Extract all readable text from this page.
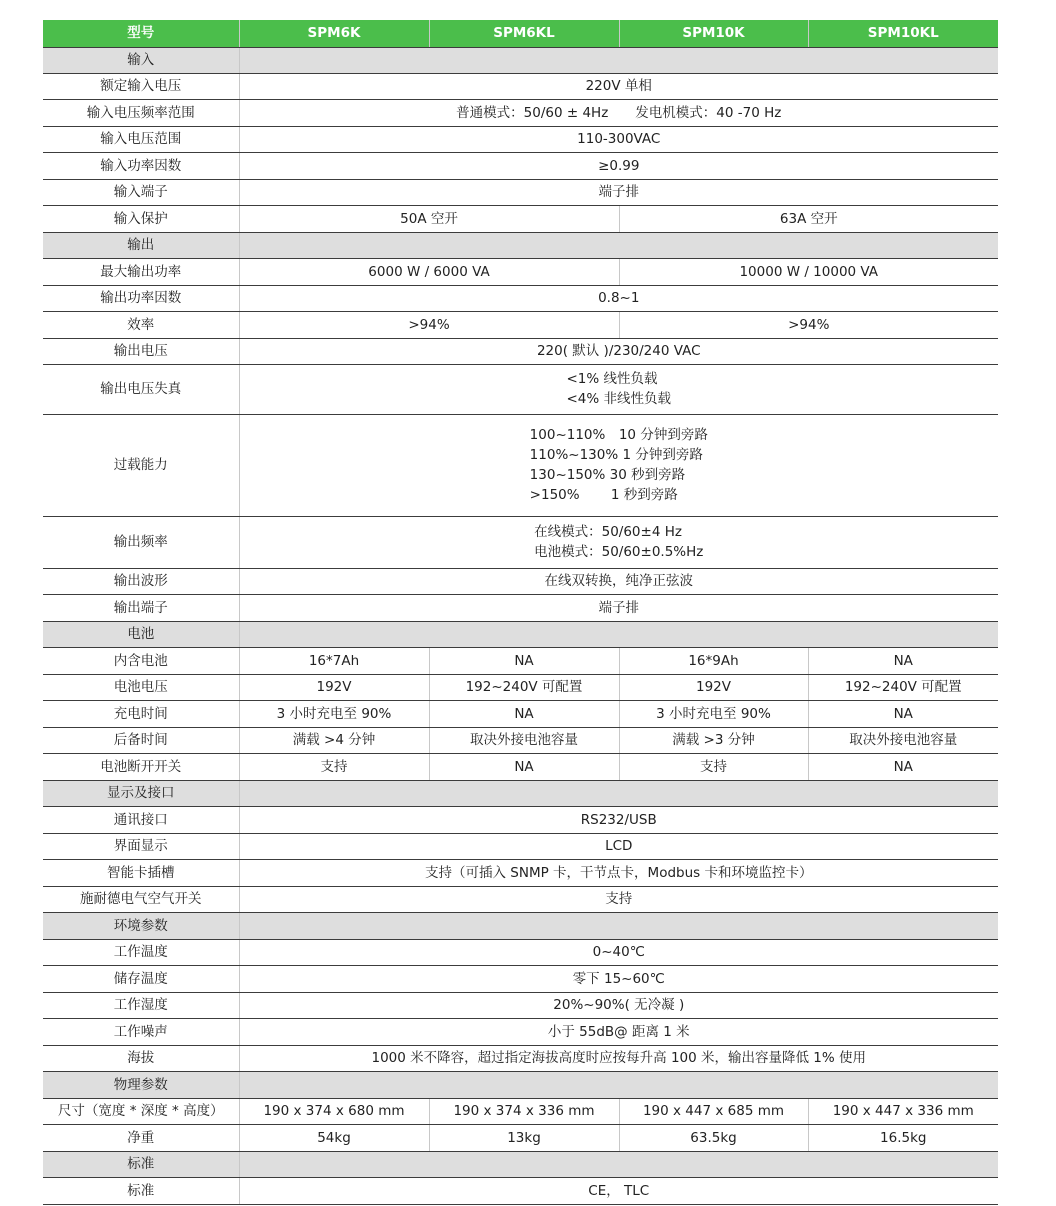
型号	SPM6K	SPM6KL	SPM10K	SPM10KL
输入				
额定输入电压	220V 单相			

输入电压频率范围	普通模式：50/60 ± 4Hz　　发电机模式：40 -70 Hz			

输入电压范围	110-300VAC			

输入功率因数	≥0.99			

输入端子	端子排			

输入保护	50A 空开		63A 空开	

输出				
最大输出功率	6000 W / 6000 VA		10000 W / 10000 VA	

输出功率因数	0.8~1			

效率	>94%		>94%	

输出电压	220( 默认 )/230/240 VAC			

输出电压失真	<1% 线性负载
<4% 非线性负载			

过载能力	100~110%　10 分钟到旁路
110%~130% 1 分钟到旁路
130~150% 30 秒到旁路
>150%　　 1 秒到旁路			

输出频率	在线模式：50/60±4 Hz
电池模式：50/60±0.5%Hz			

输出波形	在线双转换，纯净正弦波			

输出端子	端子排			

电池				
内含电池	16*7Ah	NA	16*9Ah	NA

电池电压	192V	192~240V 可配置	192V	192~240V 可配置

充电时间	3 小时充电至 90%	NA	3 小时充电至 90%	NA

后备时间	满载 >4 分钟	取决外接电池容量	满载 >3 分钟	取决外接电池容量

电池断开开关	支持	NA	支持	NA

显示及接口				
通讯接口	RS232/USB			

界面显示	LCD			

智能卡插槽	支持（可插入 SNMP 卡，干节点卡，Modbus 卡和环境监控卡）			

施耐德电气空气开关	支持			

环境参数				
工作温度	0~40℃			

储存温度	零下 15~60℃			

工作湿度	20%~90%( 无冷凝 )			

工作噪声	小于 55dB@ 距离 1 米			

海拔	1000 米不降容，超过指定海拔高度时应按每升高 100 米，输出容量降低 1% 使用			

物理参数				
尺寸（宽度 * 深度 * 高度）	190 x 374 x 680 mm	190 x 374 x 336 mm	190 x 447 x 685 mm	190 x 447 x 336 mm

净重	54kg	13kg	63.5kg	16.5kg

标准				
标准	CE， TLC			
